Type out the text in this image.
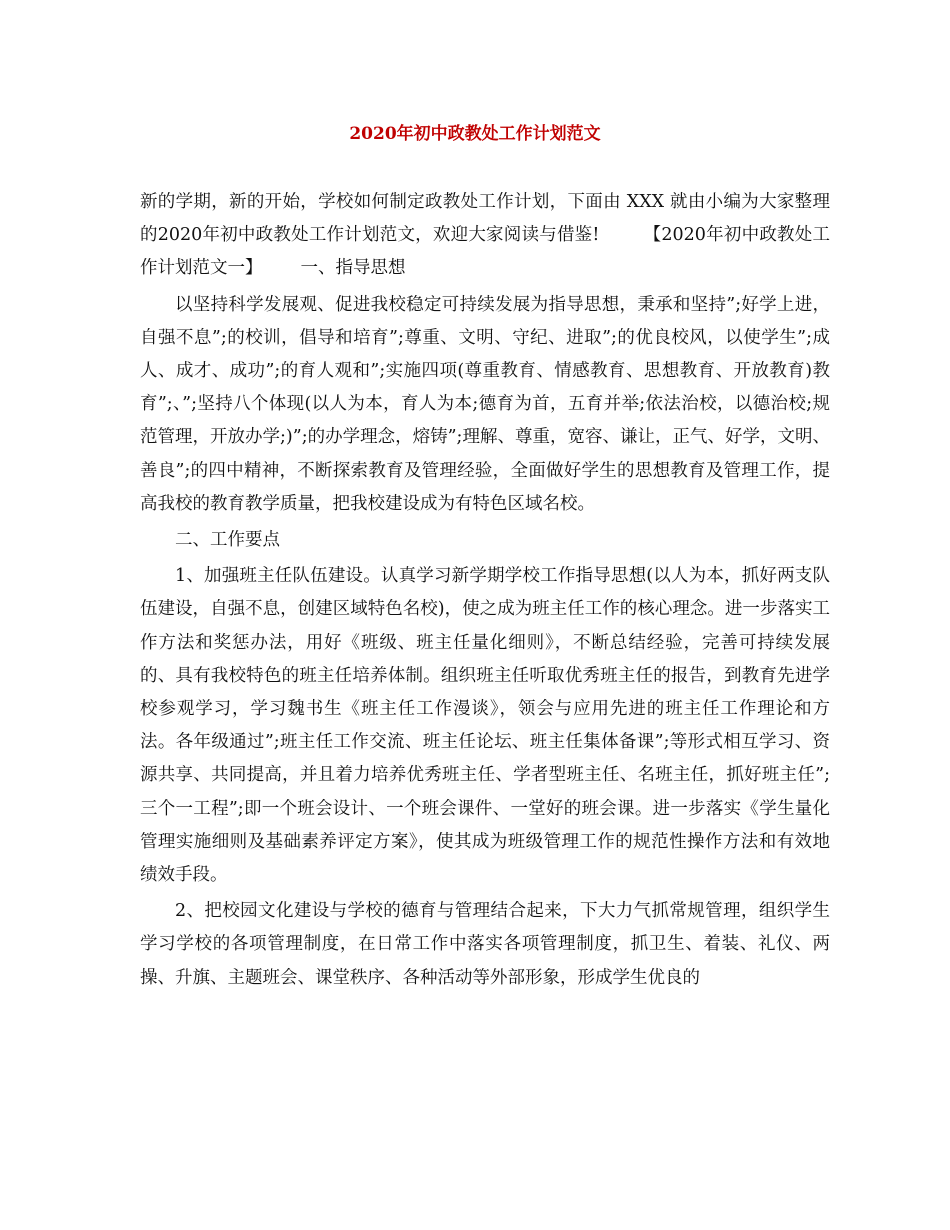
2020年初中政教处工作计划范文

新的学期，新的开始，学校如何制定政教处工作计划，下面由 XXX 就由小编为大家整理的2020年初中政教处工作计划范文，欢迎大家阅读与借鉴!	【2020年初中政教处工作计划范文一】 一、指导思想

以坚持科学发展观、促进我校稳定可持续发展为指导思想，秉承和坚持”;好学上进，自强不息”;的校训，倡导和培育”;尊重、文明、守纪、进取”;的优良校风，以使学生”;成人、成才、成功”;的育人观和”;实施四项(尊重教育、情感教育、思想教育、开放教育)教育”;、”;坚持八个体现(以人为本，育人为本;德育为首，五育并举;依法治校，以德治校;规范管理，开放办学;)”;的办学理念，熔铸”;理解、尊重，宽容、谦让，正气、好学，文明、善良”;的四中精神，不断探索教育及管理经验，全面做好学生的思想教育及管理工作，提高我校的教育教学质量，把我校建设成为有特色区域名校。

二、工作要点

1、加强班主任队伍建设。认真学习新学期学校工作指导思想(以人为本，抓好两支队伍建设，自强不息，创建区域特色名校)，使之成为班主任工作的核心理念。进一步落实工作方法和奖惩办法，用好《班级、班主任量化细则》，不断总结经验，完善可持续发展的、具有我校特色的班主任培养体制。组织班主任听取优秀班主任的报告，到教育先进学校参观学习，学习魏书生《班主任工作漫谈》，领会与应用先进的班主任工作理论和方法。各年级通过”;班主任工作交流、班主任论坛、班主任集体备课”;等形式相互学习、资源共享、共同提高，并且着力培养优秀班主任、学者型班主任、名班主任，抓好班主任”;三个一工程”;即一个班会设计、一个班会课件、一堂好的班会课。进一步落实《学生量化管理实施细则及基础素养评定方案》，使其成为班级管理工作的规范性操作方法和有效地绩效手段。

2、把校园文化建设与学校的德育与管理结合起来，下大力气抓常规管理，组织学生学习学校的各项管理制度，在日常工作中落实各项管理制度，抓卫生、着装、礼仪、两操、升旗、主题班会、课堂秩序、各种活动等外部形象，形成学生优良的
